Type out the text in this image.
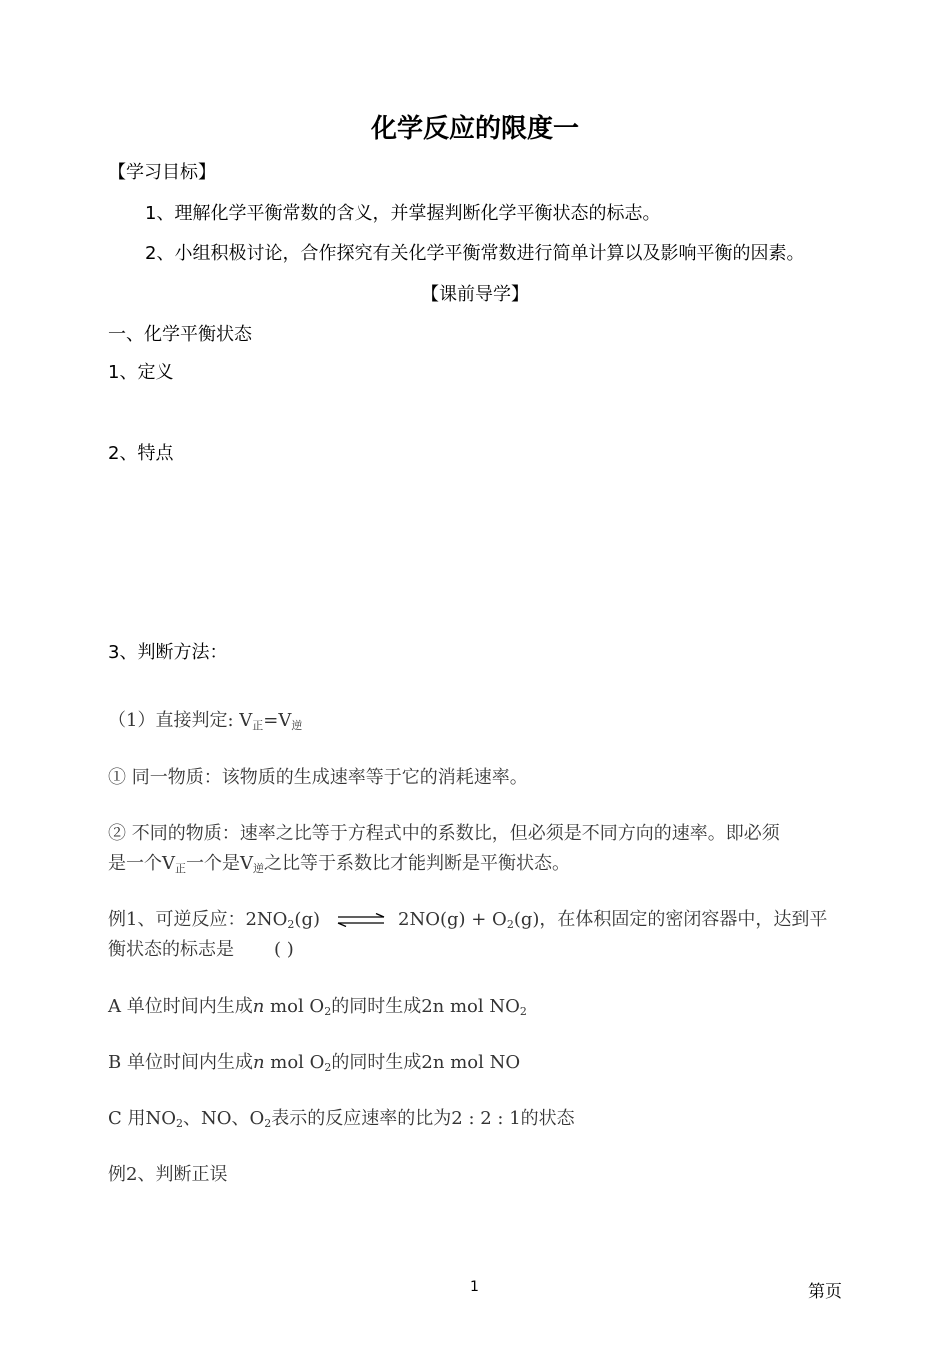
化学反应的限度一
【学习目标】
1、理解化学平衡常数的含义，并掌握判断化学平衡状态的标志。
2、小组积极讨论，合作探究有关化学平衡常数进行简单计算以及影响平衡的因素。
【课前导学】
一、化学平衡状态
1、定义
2、特点
3、判断方法：
（1）直接判定: $V_正=V_逆$
① 同一物质：该物质的生成速率等于它的消耗速率。
② 不同的物质：速率之比等于方程式中的系数比，但必须是不同方向的速率。即必须
是一个$V_正$一个是$V_逆$之比等于系数比才能判断是平衡状态。
例1、可逆反应：$2NO_2(g)$ ⇌ $2NO(g) + O_2(g)$，在体积固定的密闭容器中，达到平
衡状态的标志是 ( )
A 单位时间内生成n mol $O_2$的同时生成2n mol $NO_2$
B 单位时间内生成n mol $O_2$的同时生成2n mol NO
C 用$NO_2$、NO、$O_2$表示的反应速率的比为2 : 2 : 1的状态
例2、判断正误
1	第页
